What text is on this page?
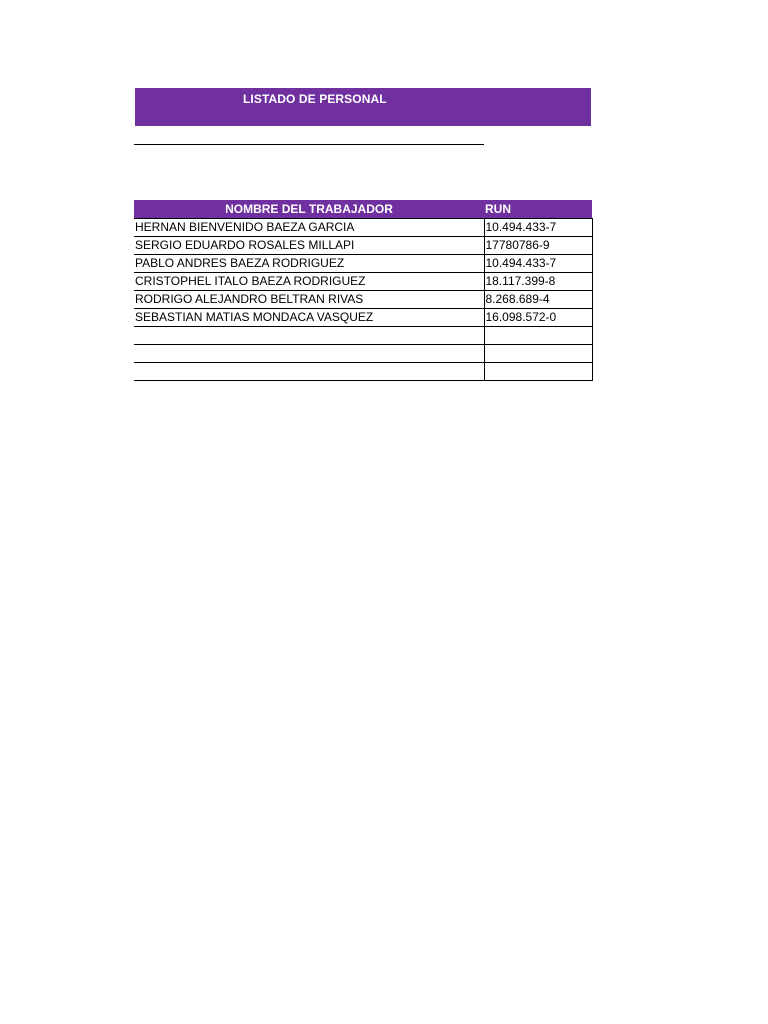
LISTADO DE PERSONAL
NOMBRE DEL TRABAJADOR	RUN
HERNAN BIENVENIDO BAEZA GARCIA	10.494.433-7
SERGIO EDUARDO ROSALES MILLAPI	17780786-9
PABLO ANDRES BAEZA RODRIGUEZ	10.494.433-7
CRISTOPHEL ITALO BAEZA RODRIGUEZ	18.117.399-8
RODRIGO ALEJANDRO BELTRAN RIVAS	8.268.689-4
SEBASTIAN MATIAS MONDACA VASQUEZ	16.098.572-0
